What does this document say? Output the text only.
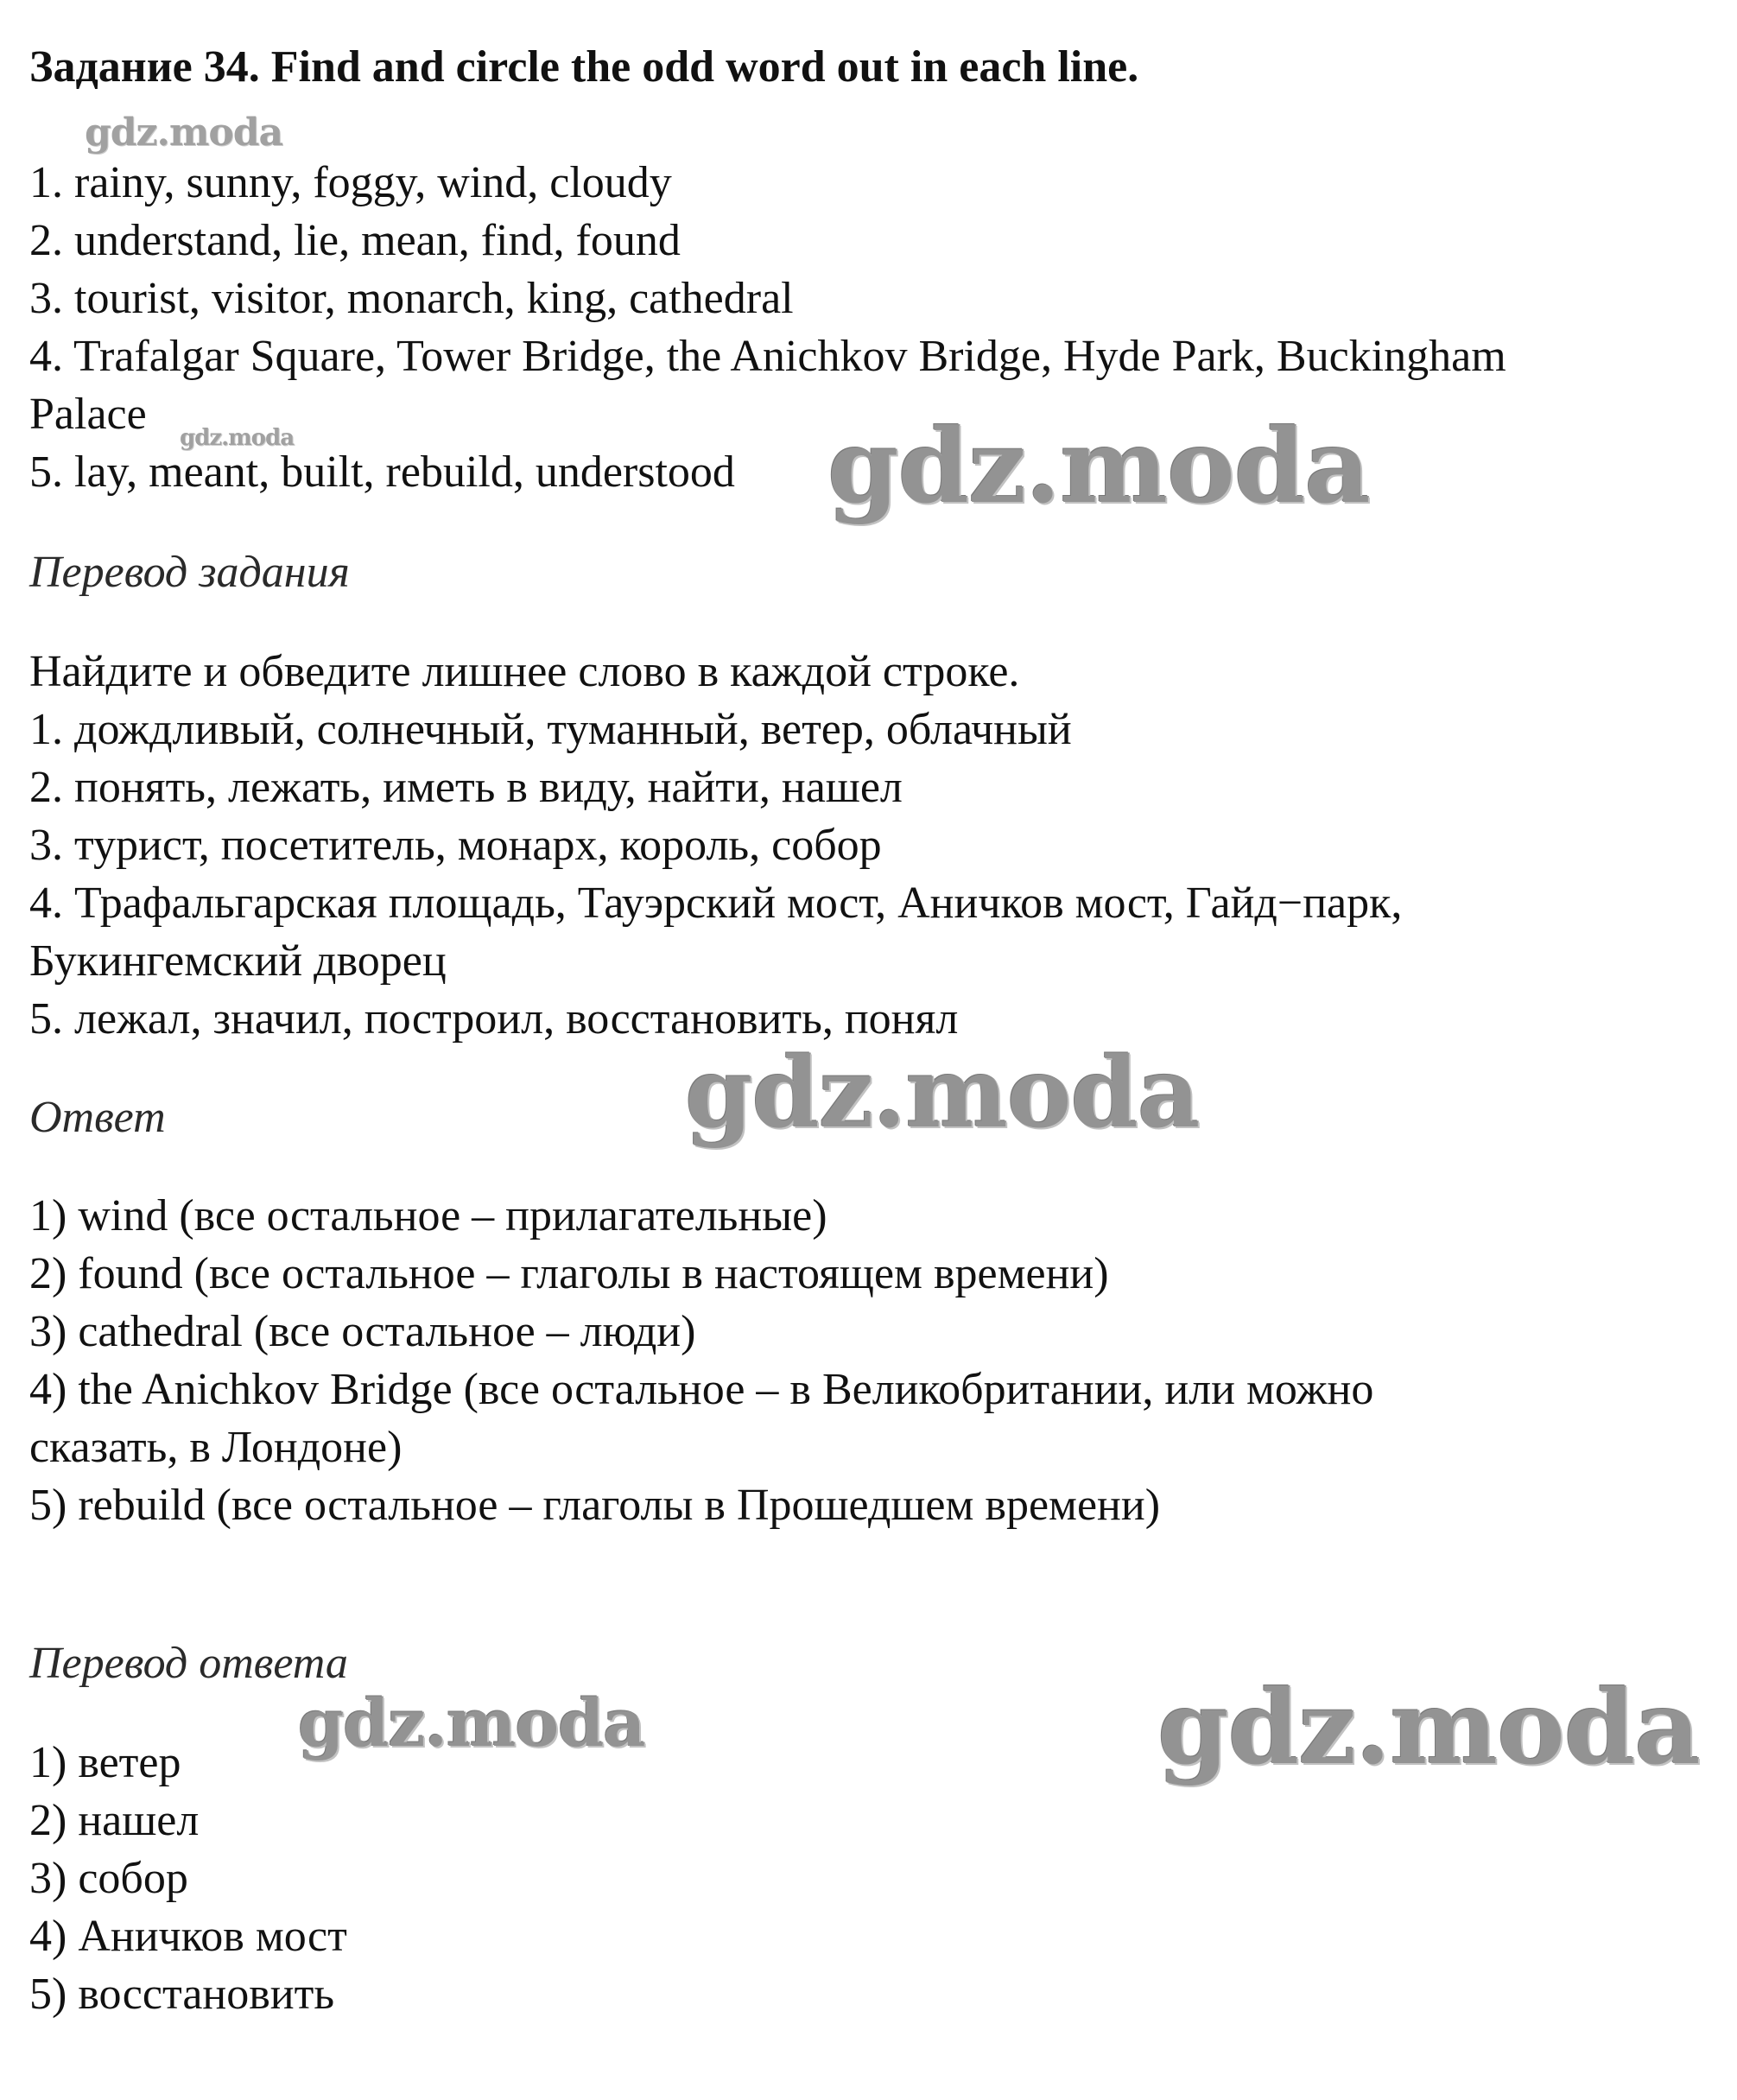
Задание 34. Find and circle the odd word out in each line.
1. rainy, sunny, foggy, wind, cloudy
2. understand, lie, mean, find, found
3. tourist, visitor, monarch, king, cathedral
4. Trafalgar Square, Tower Bridge, the Anichkov Bridge, Hyde Park, Buckingham
Palace
5. lay, meant, built, rebuild, understood
Перевод задания
Найдите и обведите лишнее слово в каждой строке.
1. дождливый, солнечный, туманный, ветер, облачный
2. понять, лежать, иметь в виду, найти, нашел
3. турист, посетитель, монарх, король, собор
4. Трафальгарская площадь, Тауэрский мост, Аничков мост, Гайд−парк,
Букингемский дворец
5. лежал, значил, построил, восстановить, понял
Ответ
1) wind (все остальное – прилагательные)
2) found (все остальное – глаголы в настоящем времени)
3) cathedral (все остальное – люди)
4) the Anichkov Bridge (все остальное – в Великобритании, или можно
сказать, в Лондоне)
5) rebuild (все остальное – глаголы в Прошедшем времени)
Перевод ответа
1) ветер
2) нашел
3) собор
4) Аничков мост
5) восстановить
gdz.moda
gdz.moda	gdz.moda
gdz.moda
gdz.moda	gdz.moda
